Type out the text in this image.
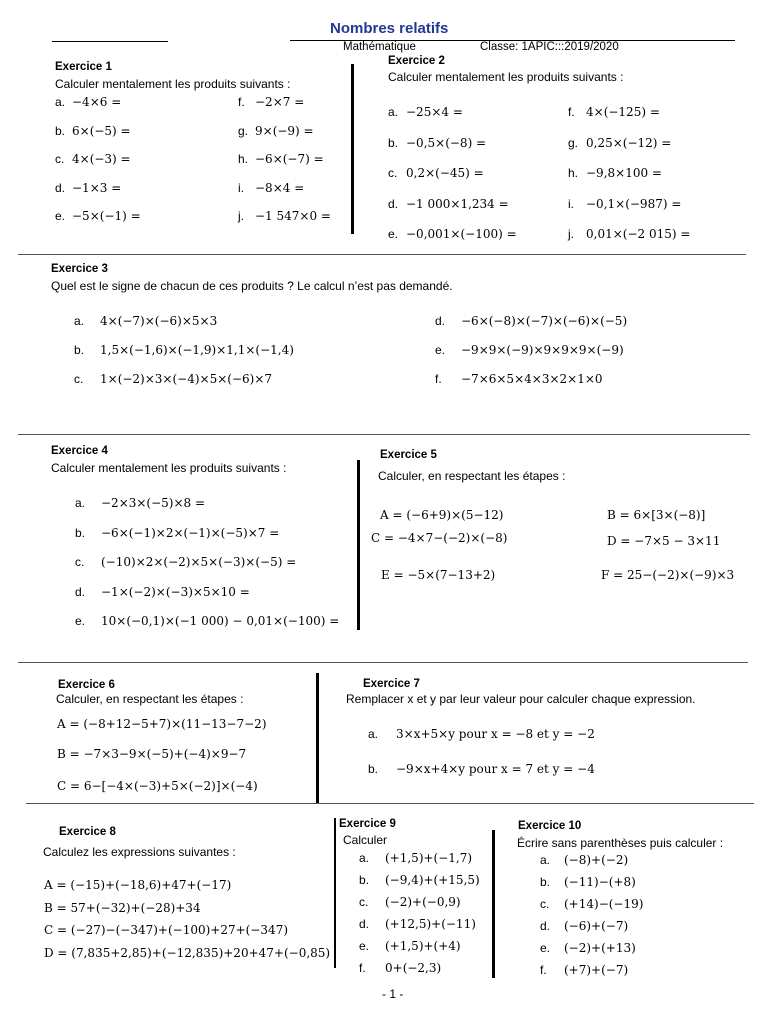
Nombres relatifs
Mathématique	Classe: 1APIC:::2019/2020
Exercice 1
Calculer mentalement les produits suivants :
a. −4×6 =
b. 6×(−5) =
c. 4×(−3) =
d. −1×3 =
e. −5×(−1) =
f. −2×7 =
g. 9×(−9) =
h. −6×(−7) =
i. −8×4 =
j. −1 547×0 =
Exercice 2
Calculer mentalement les produits suivants :
a. −25×4 =
b. −0,5×(−8) =
c. 0,2×(−45) =
d. −1 000×1,234 =
e. −0,001×(−100) =
f. 4×(−125) =
g. 0,25×(−12) =
h. −9,8×100 =
i. −0,1×(−987) =
j. 0,01×(−2 015) =
Exercice 3
Quel est le signe de chacun de ces produits ? Le calcul n’est pas demandé.
a. 4×(−7)×(−6)×5×3
b. 1,5×(−1,6)×(−1,9)×1,1×(−1,4)
c. 1×(−2)×3×(−4)×5×(−6)×7
d. −6×(−8)×(−7)×(−6)×(−5)
e. −9×9×(−9)×9×9×9×(−9)
f. −7×6×5×4×3×2×1×0
Exercice 4
Calculer mentalement les produits suivants :
a. −2×3×(−5)×8 =
b. −6×(−1)×2×(−1)×(−5)×7 =
c. (−10)×2×(−2)×5×(−3)×(−5) =
d. −1×(−2)×(−3)×5×10 =
e. 10×(−0,1)×(−1 000) − 0,01×(−100) =
Exercice 5
Calculer, en respectant les étapes :
A = (−6+9)×(5−12)	B = 6×[3×(−8)]
C = −4×7−(−2)×(−8)	D = −7×5 − 3×11
E = −5×(7−13+2)	F = 25−(−2)×(−9)×3
Exercice 6
Calculer, en respectant les étapes :
A = (−8+12−5+7)×(11−13−7−2)
B = −7×3−9×(−5)+(−4)×9−7
C = 6−[−4×(−3)+5×(−2)]×(−4)
Exercice 7
Remplacer x et y par leur valeur pour calculer chaque expression.
a. 3×x+5×y pour x = −8 et y = −2
b. −9×x+4×y pour x = 7 et y = −4
Exercice 8
Calculez les expressions suivantes :
A = (−15)+(−18,6)+47+(−17)
B = 57+(−32)+(−28)+34
C = (−27)−(−347)+(−100)+27+(−347)
D = (7,835+2,85)+(−12,835)+20+47+(−0,85)
Exercice 9
Calculer
a. (+1,5)+(−1,7)
b. (−9,4)+(+15,5)
c. (−2)+(−0,9)
d. (+12,5)+(−11)
e. (+1,5)+(+4)
f. 0+(−2,3)
Exercice 10
Écrire sans parenthèses puis calculer :
a. (−8)+(−2)
b. (−11)−(+8)
c. (+14)−(−19)
d. (−6)+(−7)
e. (−2)+(+13)
f. (+7)+(−7)
- 1 -
